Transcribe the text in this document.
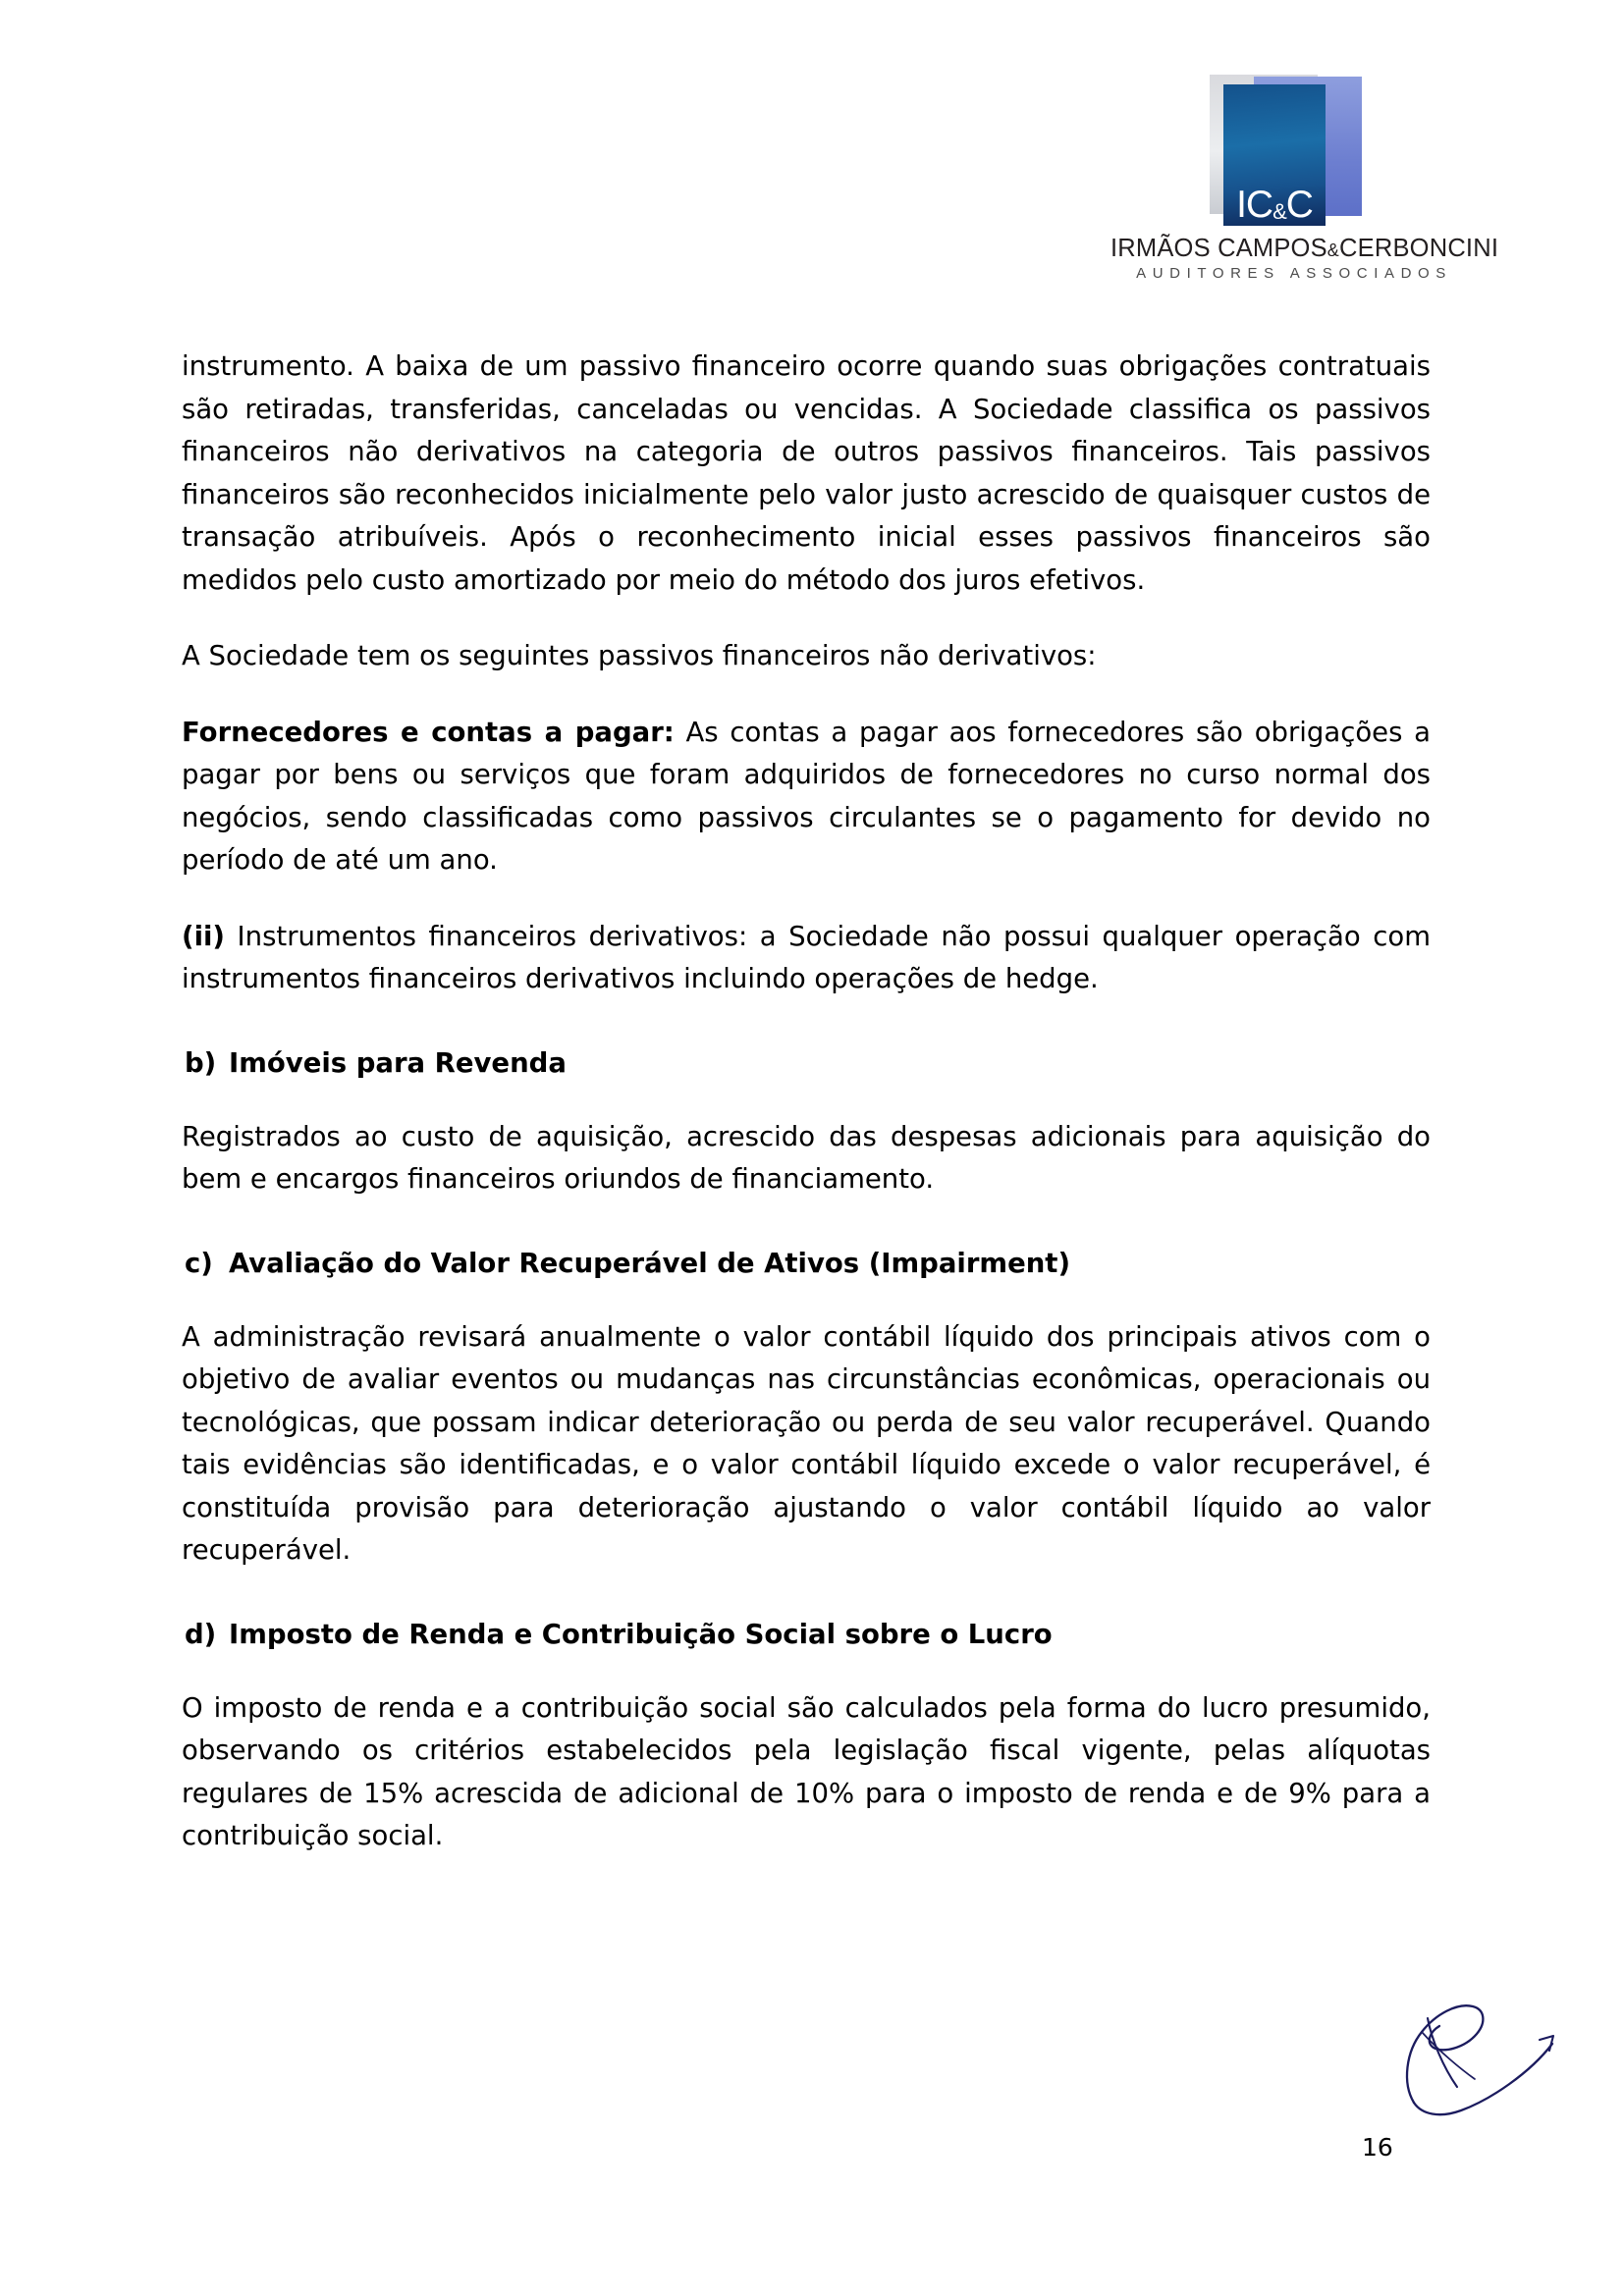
IC&C
IRMÃOS CAMPOS&CERBONCINI
AUDITORES ASSOCIADOS

instrumento. A baixa de um passivo financeiro ocorre quando suas obrigações contratuais são retiradas, transferidas, canceladas ou vencidas. A Sociedade classifica os passivos financeiros não derivativos na categoria de outros passivos financeiros. Tais passivos financeiros são reconhecidos inicialmente pelo valor justo acrescido de quaisquer custos de transação atribuíveis. Após o reconhecimento inicial esses passivos financeiros são medidos pelo custo amortizado por meio do método dos juros efetivos.

A Sociedade tem os seguintes passivos financeiros não derivativos:

Fornecedores e contas a pagar: As contas a pagar aos fornecedores são obrigações a pagar por bens ou serviços que foram adquiridos de fornecedores no curso normal dos negócios, sendo classificadas como passivos circulantes se o pagamento for devido no período de até um ano.

(ii) Instrumentos financeiros derivativos: a Sociedade não possui qualquer operação com instrumentos financeiros derivativos incluindo operações de hedge.

b) Imóveis para Revenda

Registrados ao custo de aquisição, acrescido das despesas adicionais para aquisição do bem e encargos financeiros oriundos de financiamento.

c) Avaliação do Valor Recuperável de Ativos (Impairment)

A administração revisará anualmente o valor contábil líquido dos principais ativos com o objetivo de avaliar eventos ou mudanças nas circunstâncias econômicas, operacionais ou tecnológicas, que possam indicar deterioração ou perda de seu valor recuperável. Quando tais evidências são identificadas, e o valor contábil líquido excede o valor recuperável, é constituída provisão para deterioração ajustando o valor contábil líquido ao valor recuperável.

d) Imposto de Renda e Contribuição Social sobre o Lucro

O imposto de renda e a contribuição social são calculados pela forma do lucro presumido, observando os critérios estabelecidos pela legislação fiscal vigente, pelas alíquotas regulares de 15% acrescida de adicional de 10% para o imposto de renda e de 9% para a contribuição social.

16
